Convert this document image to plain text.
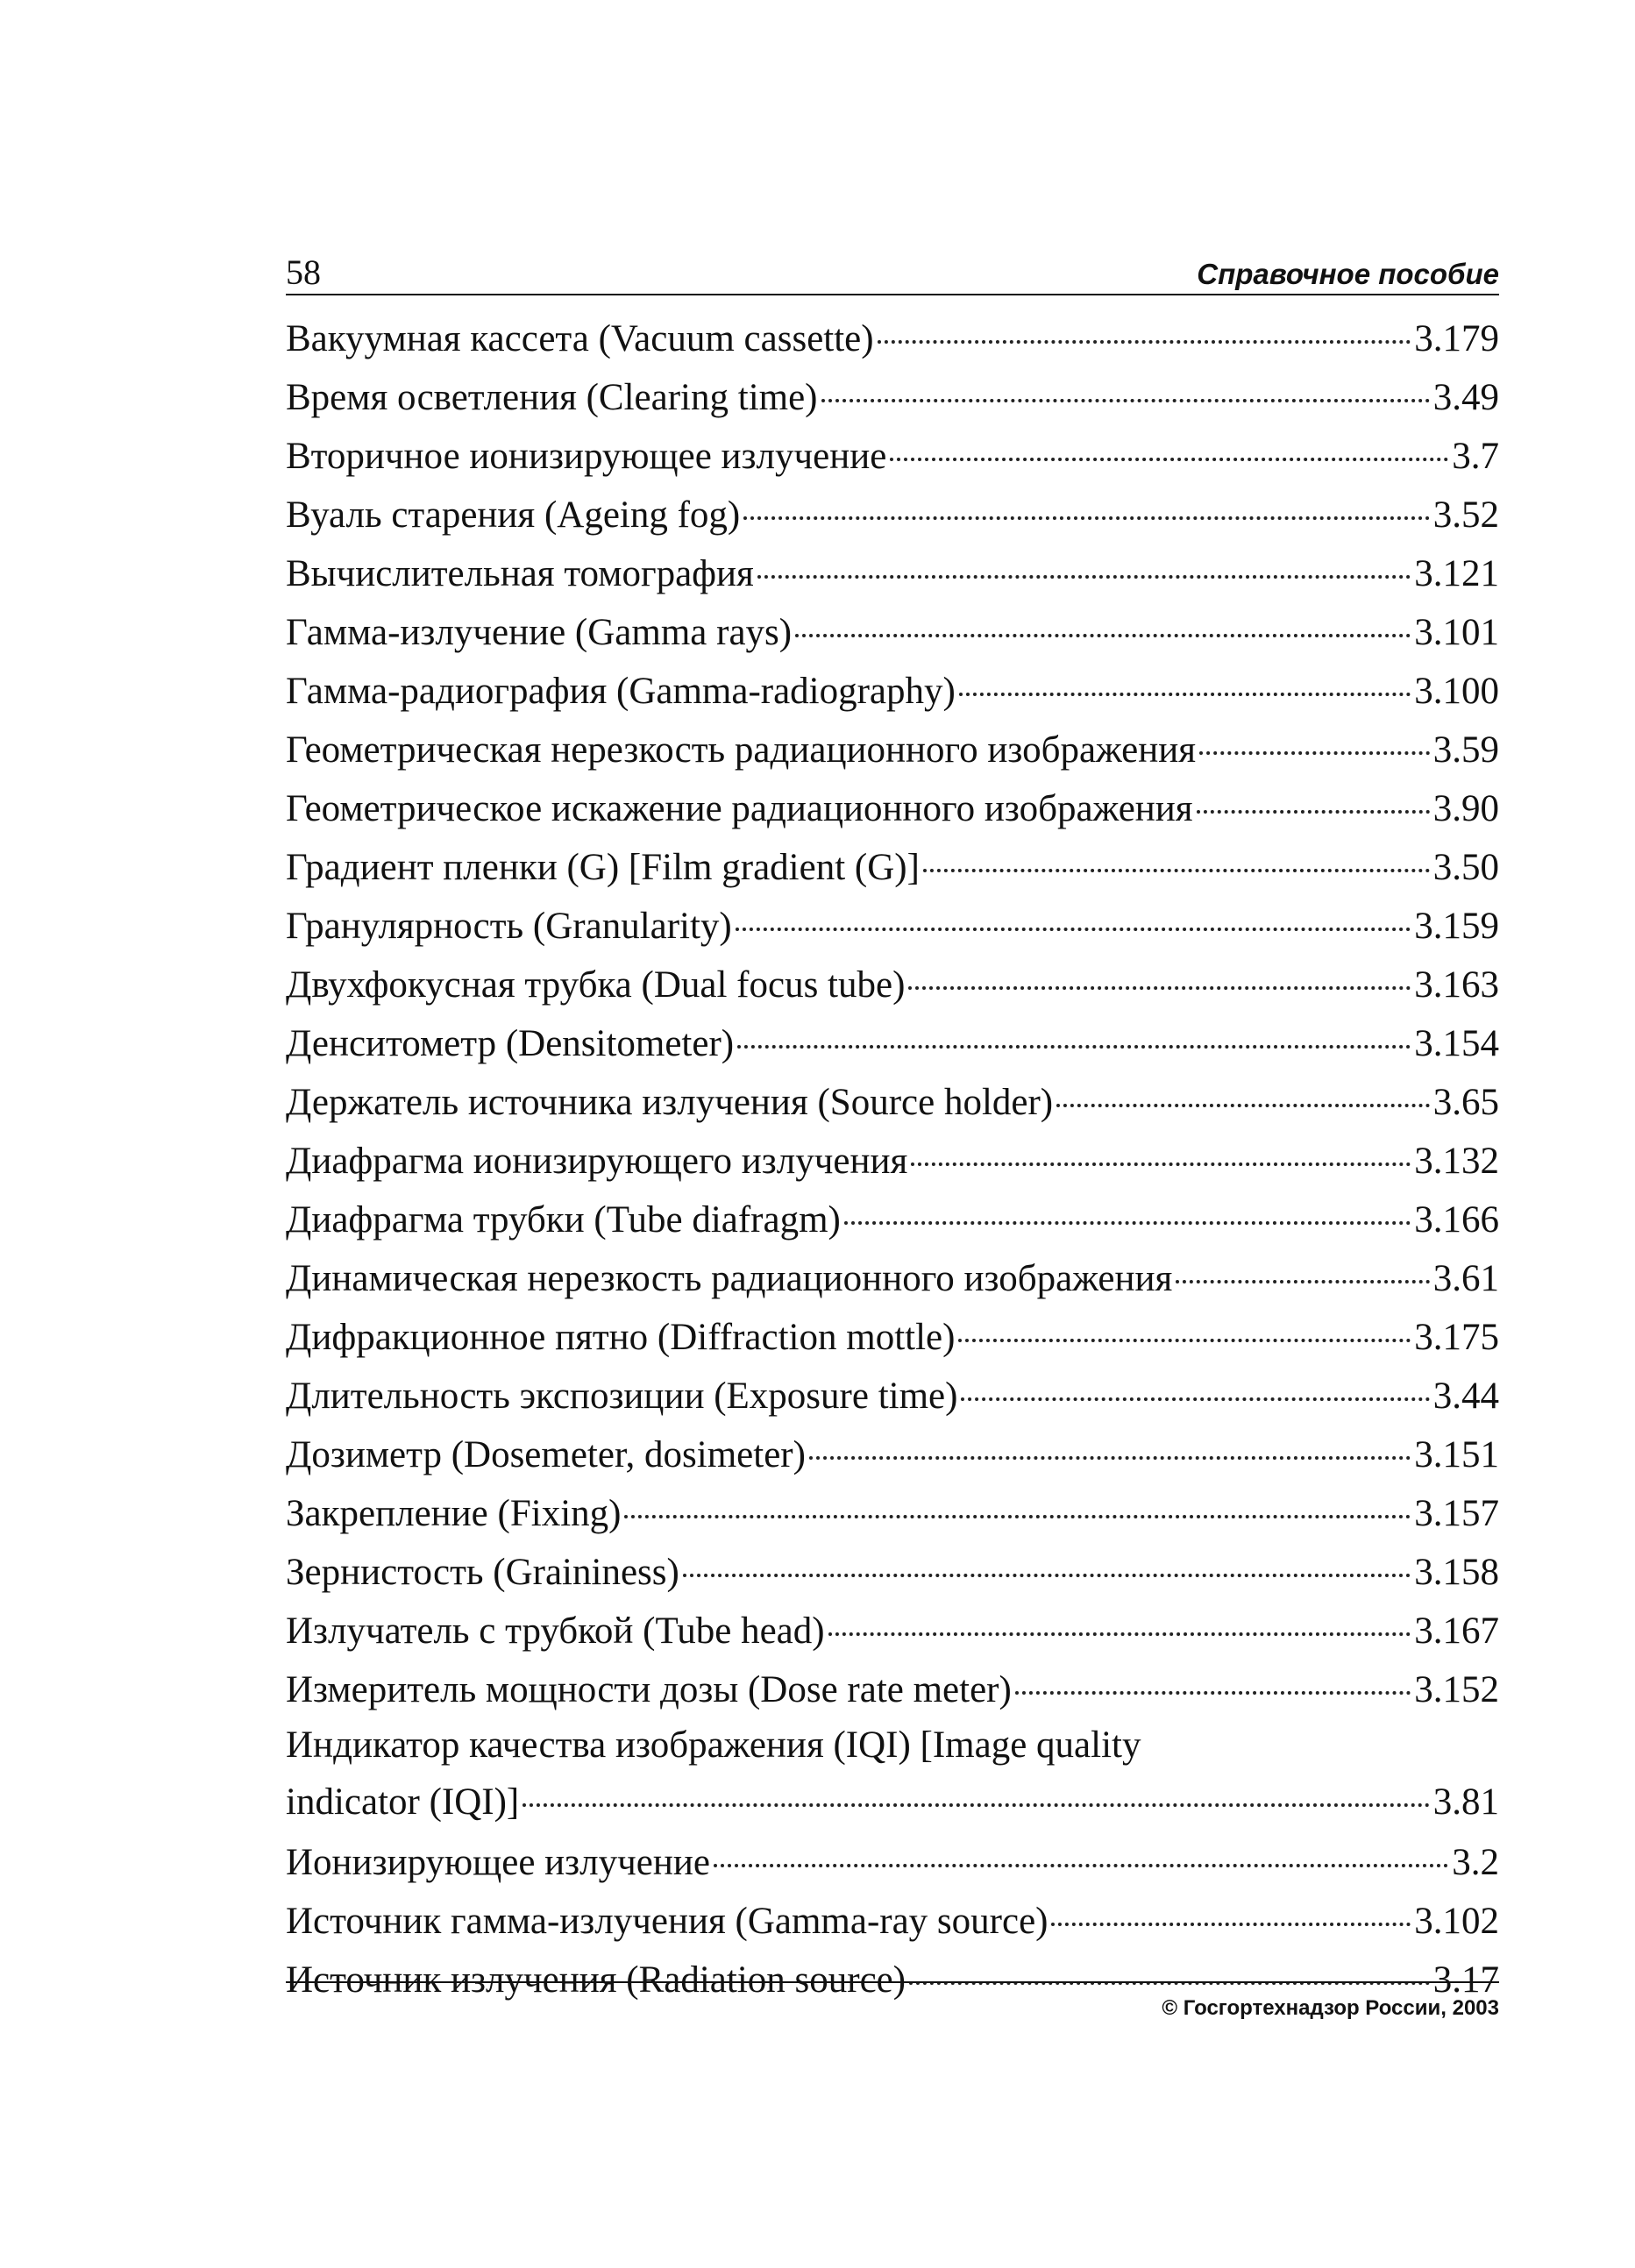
58	Справочное пособие
Вакуумная кассета (Vacuum cassette)	3.179
Время осветления (Clearing time)	3.49
Вторичное ионизирующее излучение	3.7
Вуаль старения (Ageing fog)	3.52
Вычислительная томография	3.121
Гамма-излучение (Gamma rays)	3.101
Гамма-радиография (Gamma-radiography)	3.100
Геометрическая нерезкость радиационного изображения	3.59
Геометрическое искажение радиационного изображения	3.90
Градиент пленки (G) [Film gradient (G)]	3.50
Гранулярность (Granularity)	3.159
Двухфокусная трубка (Dual focus tube)	3.163
Денситометр (Densitometer)	3.154
Держатель источника излучения (Source holder)	3.65
Диафрагма ионизирующего излучения	3.132
Диафрагма трубки (Tube diafragm)	3.166
Динамическая нерезкость радиационного изображения	3.61
Дифракционное пятно (Diffraction mottle)	3.175
Длительность экспозиции (Exposure time)	3.44
Дозиметр (Dosemeter, dosimeter)	3.151
Закрепление (Fixing)	3.157
Зернистость (Graininess)	3.158
Излучатель с трубкой (Tube head)	3.167
Измеритель мощности дозы (Dose rate meter)	3.152
Индикатор качества изображения (IQI) [Image quality
indicator (IQI)]	3.81
Ионизирующее излучение	3.2
Источник гамма-излучения (Gamma-ray source)	3.102
Источник излучения (Radiation source)	3.17
© Госгортехнадзор России, 2003
